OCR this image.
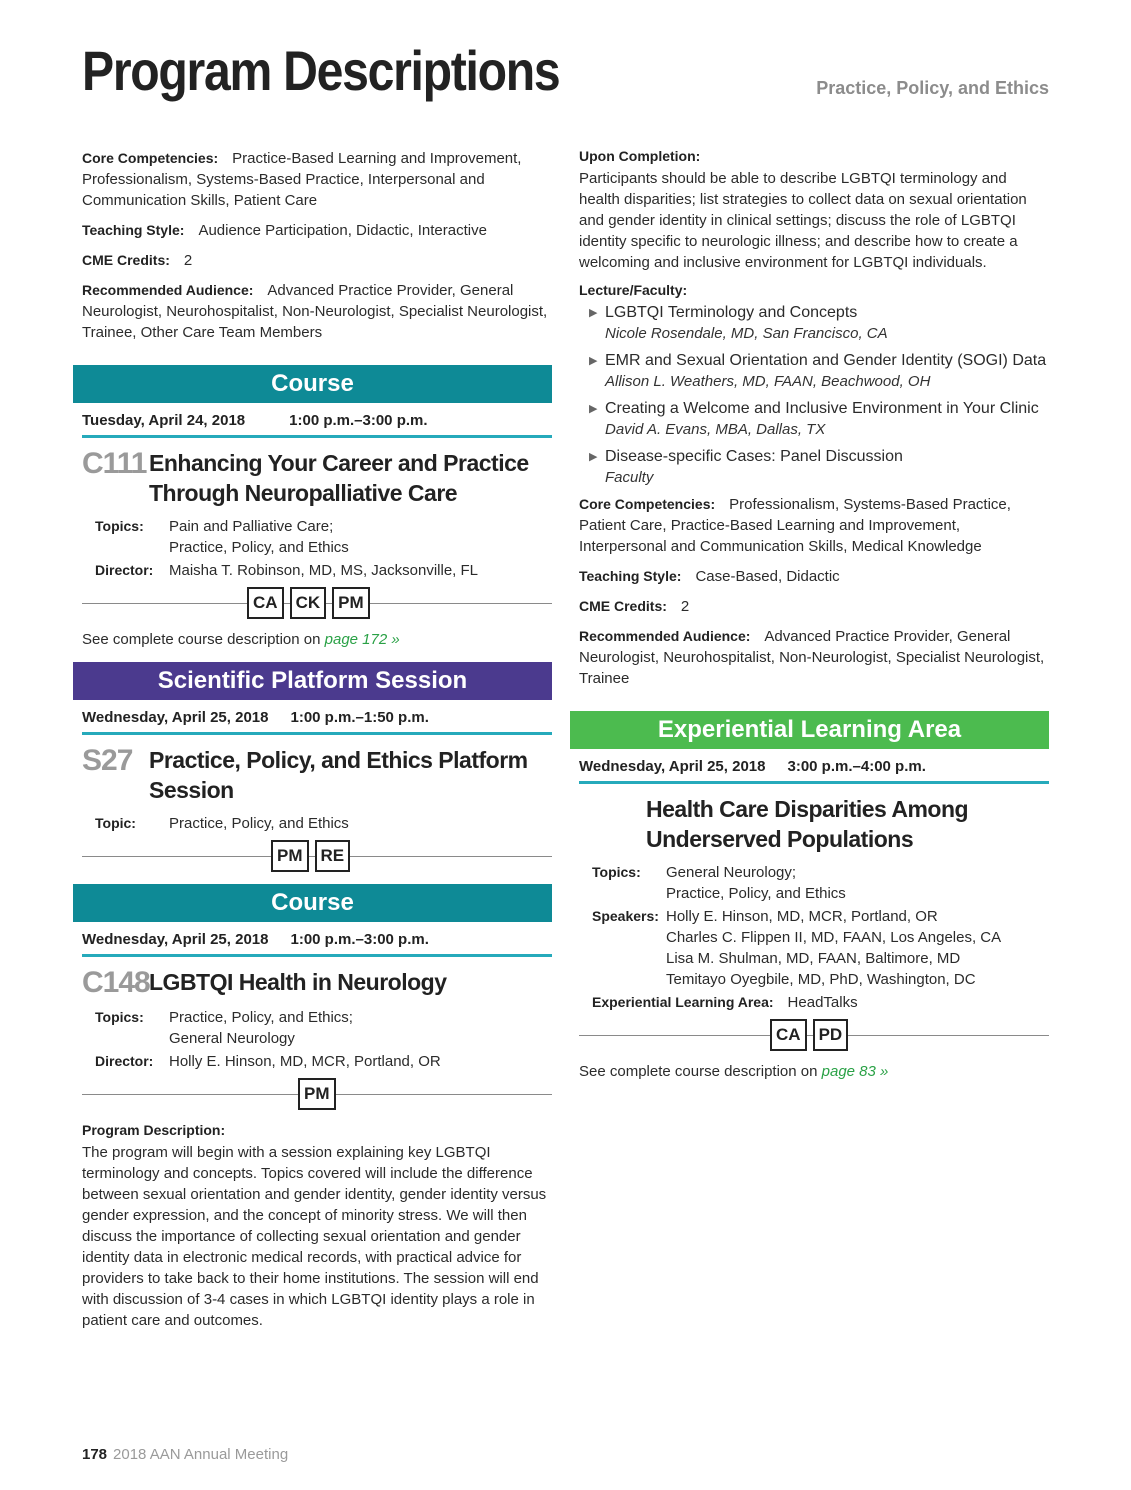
Program Descriptions	Practice, Policy, and Ethics

Core Competencies: Practice-Based Learning and Improvement, Professionalism, Systems-Based Practice, Interpersonal and Communication Skills, Patient Care

Teaching Style: Audience Participation, Didactic, Interactive

CME Credits: 2

Recommended Audience: Advanced Practice Provider, General Neurologist, Neurohospitalist, Non-Neurologist, Specialist Neurologist, Trainee, Other Care Team Members

Course
Tuesday, April 24, 2018	1:00 p.m.–3:00 p.m.
C111 Enhancing Your Career and Practice Through Neuropalliative Care
Topics:	Pain and Palliative Care;
Practice, Policy, and Ethics
Director:	Maisha T. Robinson, MD, MS, Jacksonville, FL
CA	CK	PM

See complete course description on page 172 »

Scientific Platform Session
Wednesday, April 25, 2018 1:00 p.m.–1:50 p.m.
S27 Practice, Policy, and Ethics Platform Session
Topic:	Practice, Policy, and Ethics
PM	RE
Course
Wednesday, April 25, 2018 1:00 p.m.–3:00 p.m.
C148 LGBTQI Health in Neurology
Topics:	Practice, Policy, and Ethics;
General Neurology
Director:	Holly E. Hinson, MD, MCR, Portland, OR
PM
Program Description:

The program will begin with a session explaining key LGBTQI terminology and concepts. Topics covered will include the difference between sexual orientation and gender identity, gender identity versus gender expression, and the concept of minority stress. We will then discuss the importance of collecting sexual orientation and gender identity data in electronic medical records, with practical advice for providers to take back to their home institutions. The session will end with discussion of 3-4 cases in which LGBTQI identity plays a role in patient care and outcomes.

Upon Completion:

Participants should be able to describe LGBTQI terminology and health disparities; list strategies to collect data on sexual orientation and gender identity in clinical settings; discuss the role of LGBTQI identity specific to neurologic illness; and describe how to create a welcoming and inclusive environment for LGBTQI individuals.

Lecture/Faculty:
▶ LGBTQI Terminology and Concepts
Nicole Rosendale, MD, San Francisco, CA
▶ EMR and Sexual Orientation and Gender Identity (SOGI) Data
Allison L. Weathers, MD, FAAN, Beachwood, OH
▶ Creating a Welcome and Inclusive Environment in Your Clinic
David A. Evans, MBA, Dallas, TX
▶ Disease-specific Cases: Panel Discussion
Faculty

Core Competencies: Professionalism, Systems-Based Practice, Patient Care, Practice-Based Learning and Improvement, Interpersonal and Communication Skills, Medical Knowledge

Teaching Style: Case-Based, Didactic

CME Credits: 2

Recommended Audience: Advanced Practice Provider, General Neurologist, Neurohospitalist, Non-Neurologist, Specialist Neurologist, Trainee

Experiential Learning Area
Wednesday, April 25, 2018 3:00 p.m.–4:00 p.m.
Health Care Disparities Among Underserved Populations
Topics:	General Neurology;
Practice, Policy, and Ethics
Speakers: Holly E. Hinson, MD, MCR, Portland, OR
Charles C. Flippen II, MD, FAAN, Los Angeles, CA
Lisa M. Shulman, MD, FAAN, Baltimore, MD
Temitayo Oyegbile, MD, PhD, Washington, DC
Experiential Learning Area: HeadTalks
CA	PD

See complete course description on page 83 »

178 2018 AAN Annual Meeting
